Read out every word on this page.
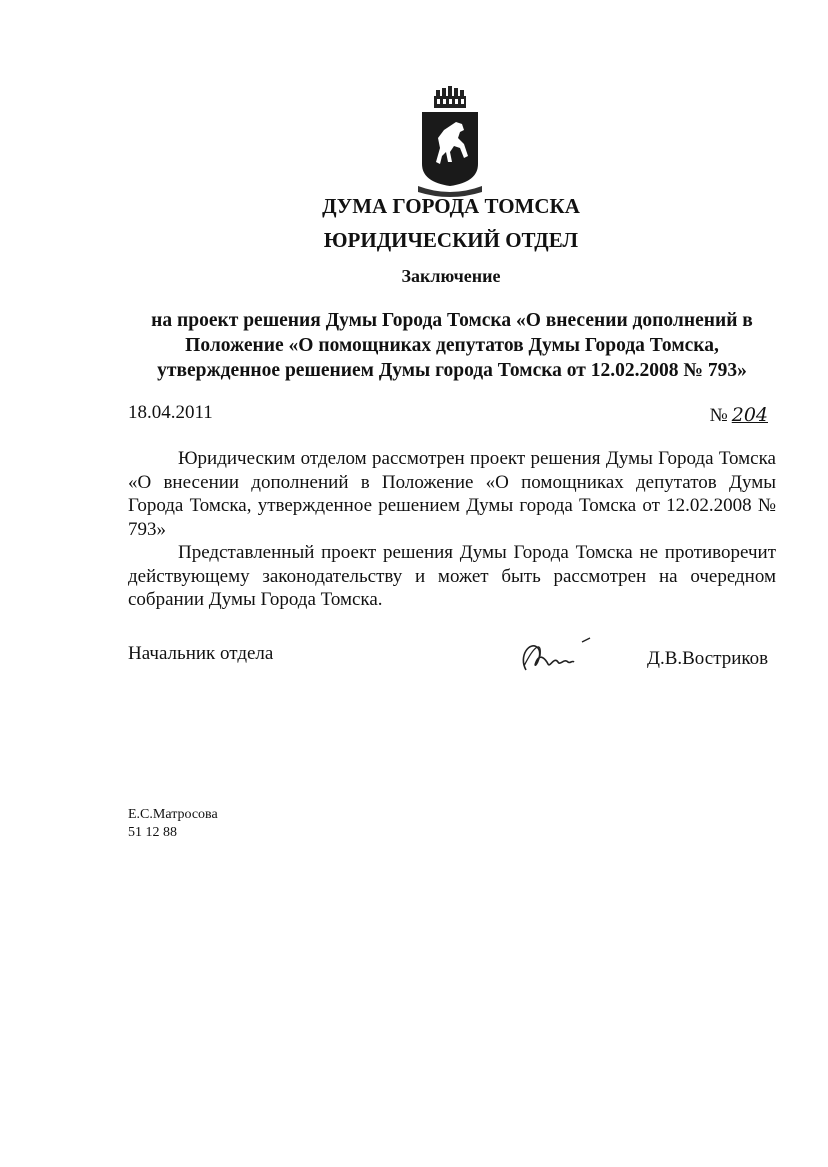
ДУМА ГОРОДА ТОМСКА
ЮРИДИЧЕСКИЙ ОТДЕЛ
Заключение
на проект решения Думы Города Томска «О внесении дополнений в
Положение «О помощниках депутатов Думы Города Томска,
утвержденное решением Думы города Томска от 12.02.2008 № 793»
18.04.2011	№ 204

Юридическим отделом рассмотрен проект решения Думы Города Томска «О внесении дополнений в Положение «О помощниках депутатов Думы Города Томска, утвержденное решением Думы города Томска от 12.02.2008 № 793»

Представленный проект решения Думы Города Томска не противоречит действующему законодательству и может быть рассмотрен на очередном собрании Думы Города Томска.

Начальник отдела	Д.В.Востриков
Е.С.Матросова
51 12 88
